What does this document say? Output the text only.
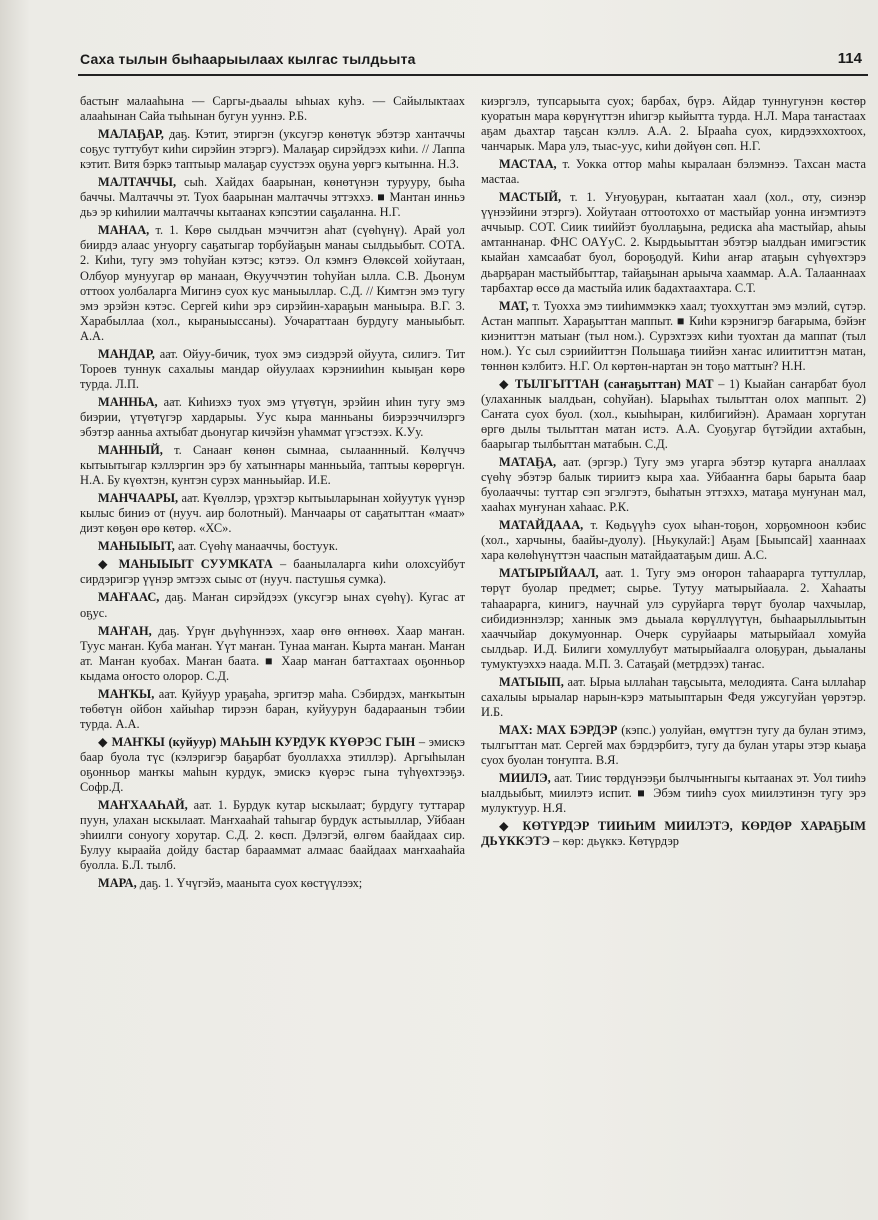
Саха тылын быһаарыылаах кылгас тылдьыта	114

бастыҥ малааһына — Саргы-дьаалы ыһыах куһэ. — Сайылыктаах алааһынан Сайа тыһынан бугун ууннэ. Р.Б.

МАЛАҔАР, даҕ. Кэтит, этиргэн (уксугэр көнөтүк эбэтэр хантаччы соҕус туттубут киһи сирэйин этэргэ). Малаҕар сирэйдээх киһи. // Лаппа кэтит. Витя бэркэ таптыыр малаҕар суустээх оҕуна уөргэ кытынна. Н.З.

МАЛТАЧЧЫ, сыһ. Хайдах баарынан, көнөтүнэн турууру, быһа баччы. Малтаччы эт. Туох баарынан малтаччы эттэххэ. ■ Мантан инньэ дьэ эр киһилии малтаччы кытаанах кэпсэтии саҕаланна. Н.Г.

МАНАА, т. 1. Көрө сылдьан мэччитэн аһат (сүөһүнү). Арай уол биирдэ алаас уҥуоргу саҕатыгар торбуйаҕын манаы сылдьыбыт. СОТА. 2. Киһи, тугу эмэ тоһуйан кэтэс; кэтээ. Ол кэмҥэ Өлөксөй хойутаан, Олбуор мунуугар өр манаан, Өкууччэтин тоһуйан ылла. С.В. Дьонум оттоох уолбаларга Мигинэ суох кус маныыллар. С.Д. // Кимтэн эмэ тугу эмэ эрэйэн кэтэс. Сергей киһи эрэ сирэйин-хараҕын маныыра. В.Г. 3. Харабыллаа (хол., кыраныыссаны). Уочараттаан бурдугу маныыбыт. А.А.

МАНДАР, аат. Ойуу-бичик, туох эмэ сиэдэрэй ойуута, силигэ. Тит Тороев туннук сахалыы мандар ойуулаах кэрэнииһин кыыҕан көрө турда. Л.П.

МАННЬА, аат. Киһиэхэ туох эмэ үтүөтүн, эрэйин иһин тугу эмэ биэрии, үтүөтүгэр хардарыы. Уус кыра манньаны биэрээччилэргэ эбэтэр аанньа ахтыбат дьонугар кичэйэн уһаммат үгэстээх. К.Уу.

МАННЫЙ, т. Санааҥ көнөн сымнаа, сылааннный. Көлүччэ кытыытыгар кэллэргин эрэ бу хатыҥнары манньыйа, таптыы көрөргүн. Н.А. Бу күөхтэн, кунтэн сурэх манньыйар. И.Е.

МАНЧААРЫ, аат. Күөллэр, үрэхтэр кытыыларынан хойуутук үүнэр кылыс биниэ от (нууч. аир болотный). Манчаары от саҕатыттан «маат» диэт көҕөн өрө көтөр. «ХС».

МАНЫЫЫТ, аат. Сүөһү манааччы, бостуук.

◆ МАНЫЫЫТ СУУМКАТА – баанылаларга киһи олохсуйбут сирдэригэр үүнэр эмтээх сыыс от (нууч. пастушья сумка).

МАҤААС, даҕ. Маҥан сирэйдээх (уксугэр ынах сүөһү). Кугас ат оҕус.

МАҤАН, даҕ. Үрүҥ дьүһүннээх, хаар өҥө өҥнөөх. Хаар маҥан. Туус маҥан. Куба маҥан. Үүт маҥан. Тунаа маҥан. Кырта маҥан. Маҥан ат. Маҥан куобах. Маҥан баата. ■ Хаар маҥан баттахтаах оҕонньор кыдама оҥосто олорор. С.Д.

МАҤКЫ, аат. Куйуур ураҕаһа, эргитэр маһа. Сэбирдэх, маҥкытын төбөтүн ойбон хайыһар тирээн баран, куйуурун бадараанын тэбии турда. А.А.

◆ МАҤКЫ (куйуур) МАҺЫН КУРДУК КҮӨРЭС ГЫН – эмискэ баар буола түс (кэлэригэр баҕарбат буоллахха этиллэр). Аргыһылан оҕонньор маҥкы маһын курдук, эмискэ күөрэс гына түһүөхтээҕэ. Софр.Д.

МАҤХААҺАЙ, аат. 1. Бурдук кутар ыскылаат; бурдугу туттарар пуун, улахан ыскылаат. Маҥхааһай таһыгар бурдук астыыллар, Уйбаан эһиилги сонуогу хорутар. С.Д. 2. көсп. Дэлэгэй, өлгөм баайдаах сир. Булуу кыраайа дойду бастар барааммат алмаас баайдаах маҥхааһайа буолла. Б.Л. тылб.

МАРА, даҕ. 1. Үчүгэйэ, мааныта суох көстүүлээх;

киэргэлэ, тупсарыыта суох; барбах, бүрэ. Айдар туннугунэн көстөр куоратын мара көрүҥүттэн иһигэр кыйытта турда. Н.Л. Мара таҥастаах аҕам дьахтар таҕсан кэллэ. А.А. 2. Ырааһа суох, кирдээххохтоох, чанчарык. Мара улэ, тыас-уус, киһи дөйүөн сөп. Н.Г.

МАСТАА, т. Уокка оттор маһы кыралаан бэлэмнээ. Тахсан маста мастаа.

МАСТЫЙ, т. 1. Уҥуоҕуран, кытаатан хаал (хол., оту, сиэнэр үүнээйини этэргэ). Хойутаан оттоотоххо от мастыйар уонна иҥэмтиэтэ аччыыр. СОТ. Сиик тииййэт буоллаҕына, редиска аһа мастыйар, аһыы амтаннанар. ФНС ОАҮуС. 2. Кырдьыыттан эбэтэр ыалдьан имигэстик кыайан хамсаабат буол, бороҕодуй. Киһи аҥар атаҕын сүһүөхтэрэ дьарҕаран мастыйбыттар, тайаҕынан арыыча хааммар. А.А. Талааннаах тарбахтар өссө да мастыйа илик бадахтаахтара. С.Т.

МАТ, т. Туохха эмэ тииһиммэккэ хаал; туоххуттан эмэ мэлий, сүтэр. Астан маппыт. Хараҕыттан маппыт. ■ Киһи кэрэнигэр бағарыма, бэйэҥ киэниттэн матыаҥ (тыл ном.). Сурэхтээх киһи туохтан да маппат (тыл ном.). Үс сыл сэриийиттэн Польшаҕа тиийэн хаҥас илиититтэн матан, төннөн кэлбитэ. Н.Г. Ол көртөн-нартан эн тоҕо маттыҥ? Н.Н.

◆ ТЫЛГЫТТАН (саҥаҕыттан) МАТ – 1) Кыайан саҥарбат буол (улаханнык ыалдьан, соһуйан). Ыарыһах тылыттан олох маппыт. 2) Саҥата суох буол. (хол., кыыһыран, килбигийэн). Арамаан хоргутан өргө дылы тылыттан матан истэ. А.А. Суоҕугар бүтэйдии ахтабын, баарыгар тылбыттан матабын. С.Д.

МАТАҔА, аат. (эргэр.) Тугу эмэ угарга эбэтэр кутарга аналлаах сүөһү эбэтэр балык тириитэ кыра хаа. Уйбааҥҥа бары барыта баар буолааччы: туттар сэп эгэлгэтэ, быһатын эттэххэ, матаҕа муҥунан мал, хааһах муҥунан хаһаас. Р.К.

МАТАЙДААА, т. Көдьүүһэ суох ыһан-тоҕон, хорҕомноон кэбис (хол., харчыны, баайы-дуолу). [Ньукулай:] Аҕам [Быыпсай] хааннаах хара көлөһүнүттэн чааспын матайдаатаҕым диш. А.С.

МАТЫРЫЙААЛ, аат. 1. Тугу эмэ оҥорон таһаарарга туттуллар, төрүт буолар предмет; сырье. Тутуу матырыйаала. 2. Хаһааты таһаарарга, кинигэ, научнай улэ суруйарга төрүт буолар чахчылар, сибидиэннэлэр; ханнык эмэ дьыала көрүллүүтүн, быһаарыллыытын хааччыйар докумуоннар. Очерк суруйаары матырыйаал хомуйа сылдьар. И.Д. Билиги хомуллубут матырыйаалга олоҕуран, дьыаланы тумуктуэххэ наада. М.П. 3. Сатаҕай (метрдээх) таҥас.

МАТЫЫП, аат. Ырыа ыллаһан таҕсыыта, мелодията. Саҥа ыллаһар сахалыы ырыалар нарын-кэрэ матыыптарын Федя ужсугуйан үөрэтэр. И.Б.

МАХ: МАХ БЭРДЭР (кэпс.) уолуйан, өмүттэн тугу да булан этимэ, тылгыттан мат. Сергей мах бэрдэрбитэ, тугу да булан утары этэр кыаҕа суох буолан тоҥупта. В.Я.

МИИЛЭ, аат. Тиис төрдүнээҕи былчыҥныгы кытаанах эт. Уол тииһэ ыалдьыбыт, миилэтэ испит. ■ Эбэм тииһэ суох миилэтинэн тугу эрэ мулуктуур. Н.Я.

◆ КӨТҮРДЭР ТИИҺИМ МИИЛЭТЭ, КӨРДӨР ХАРАҔЫМ ДЬҮККЭТЭ – көр: дьүккэ. Көтүрдэр
